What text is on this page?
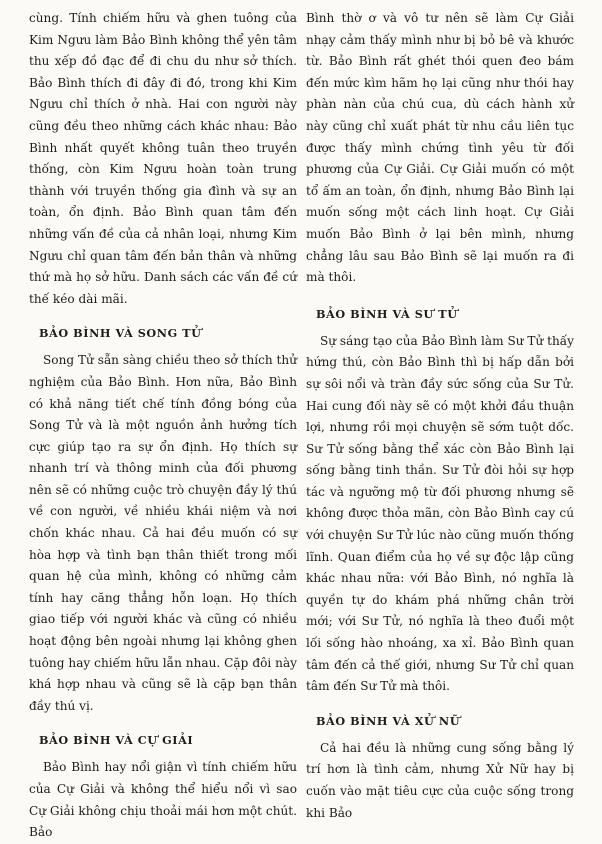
cùng. Tính chiếm hữu và ghen tuông của Kim Ngưu làm Bảo Bình không thể yên tâm thu xếp đồ đạc để đi chu du như sở thích. Bảo Bình thích đi đây đi đó, trong khi Kim Ngưu chỉ thích ở nhà. Hai con người này cũng đều theo những cách khác nhau: Bảo Bình nhất quyết không tuân theo truyền thống, còn Kim Ngưu hoàn toàn trung thành với truyền thống gia đình và sự an toàn, ổn định. Bảo Bình quan tâm đến những vấn đề của cả nhân loại, nhưng Kim Ngưu chỉ quan tâm đến bản thân và những thứ mà họ sở hữu. Danh sách các vấn đề cứ thế kéo dài mãi.

BẢO BÌNH VÀ SONG TỬ

Song Tử sẵn sàng chiều theo sở thích thử nghiệm của Bảo Bình. Hơn nữa, Bảo Bình có khả năng tiết chế tính đồng bóng của Song Tử và là một nguồn ảnh hưởng tích cực giúp tạo ra sự ổn định. Họ thích sự nhanh trí và thông minh của đối phương nên sẽ có những cuộc trò chuyện đầy lý thú về con người, về nhiều khái niệm và nơi chốn khác nhau. Cả hai đều muốn có sự hòa hợp và tình bạn thân thiết trong mối quan hệ của mình, không có những cảm tính hay căng thẳng hỗn loạn. Họ thích giao tiếp với người khác và cũng có nhiều hoạt động bên ngoài nhưng lại không ghen tuông hay chiếm hữu lẫn nhau. Cặp đôi này khá hợp nhau và cũng sẽ là cặp bạn thân đầy thú vị.

BẢO BÌNH VÀ CỰ GIẢI

Bảo Bình hay nổi giận vì tính chiếm hữu của Cự Giải và không thể hiểu nổi vì sao Cự Giải không chịu thoải mái hơn một chút. Bảo

Bình thờ ơ và vô tư nên sẽ làm Cự Giải nhạy cảm thấy mình như bị bỏ bê và khước từ. Bảo Bình rất ghét thói quen đeo bám đến mức kìm hãm họ lại cũng như thói hay phàn nàn của chú cua, dù cách hành xử này cũng chỉ xuất phát từ nhu cầu liên tục được thấy mình chứng tình yêu từ đối phương của Cự Giải. Cự Giải muốn có một tổ ấm an toàn, ổn định, nhưng Bảo Bình lại muốn sống một cách linh hoạt. Cự Giải muốn Bảo Bình ở lại bên mình, nhưng chẳng lâu sau Bảo Bình sẽ lại muốn ra đi mà thôi.

BẢO BÌNH VÀ SƯ TỬ

Sự sáng tạo của Bảo Bình làm Sư Tử thấy hứng thú, còn Bảo Bình thì bị hấp dẫn bởi sự sôi nổi và tràn đầy sức sống của Sư Tử. Hai cung đối này sẽ có một khởi đầu thuận lợi, nhưng rồi mọi chuyện sẽ sớm tuột dốc. Sư Tử sống bằng thể xác còn Bảo Bình lại sống bằng tinh thần. Sư Tử đòi hỏi sự hợp tác và ngưỡng mộ từ đối phương nhưng sẽ không được thỏa mãn, còn Bảo Bình cay cú với chuyện Sư Tử lúc nào cũng muốn thống lĩnh. Quan điểm của họ về sự độc lập cũng khác nhau nữa: với Bảo Bình, nó nghĩa là quyền tự do khám phá những chân trời mới; với Sư Tử, nó nghĩa là theo đuổi một lối sống hào nhoáng, xa xỉ. Bảo Bình quan tâm đến cả thế giới, nhưng Sư Tử chỉ quan tâm đến Sư Tử mà thôi.

BẢO BÌNH VÀ XỬ NỮ

Cả hai đều là những cung sống bằng lý trí hơn là tình cảm, nhưng Xử Nữ hay bị cuốn vào mặt tiêu cực của cuộc sống trong khi Bảo
